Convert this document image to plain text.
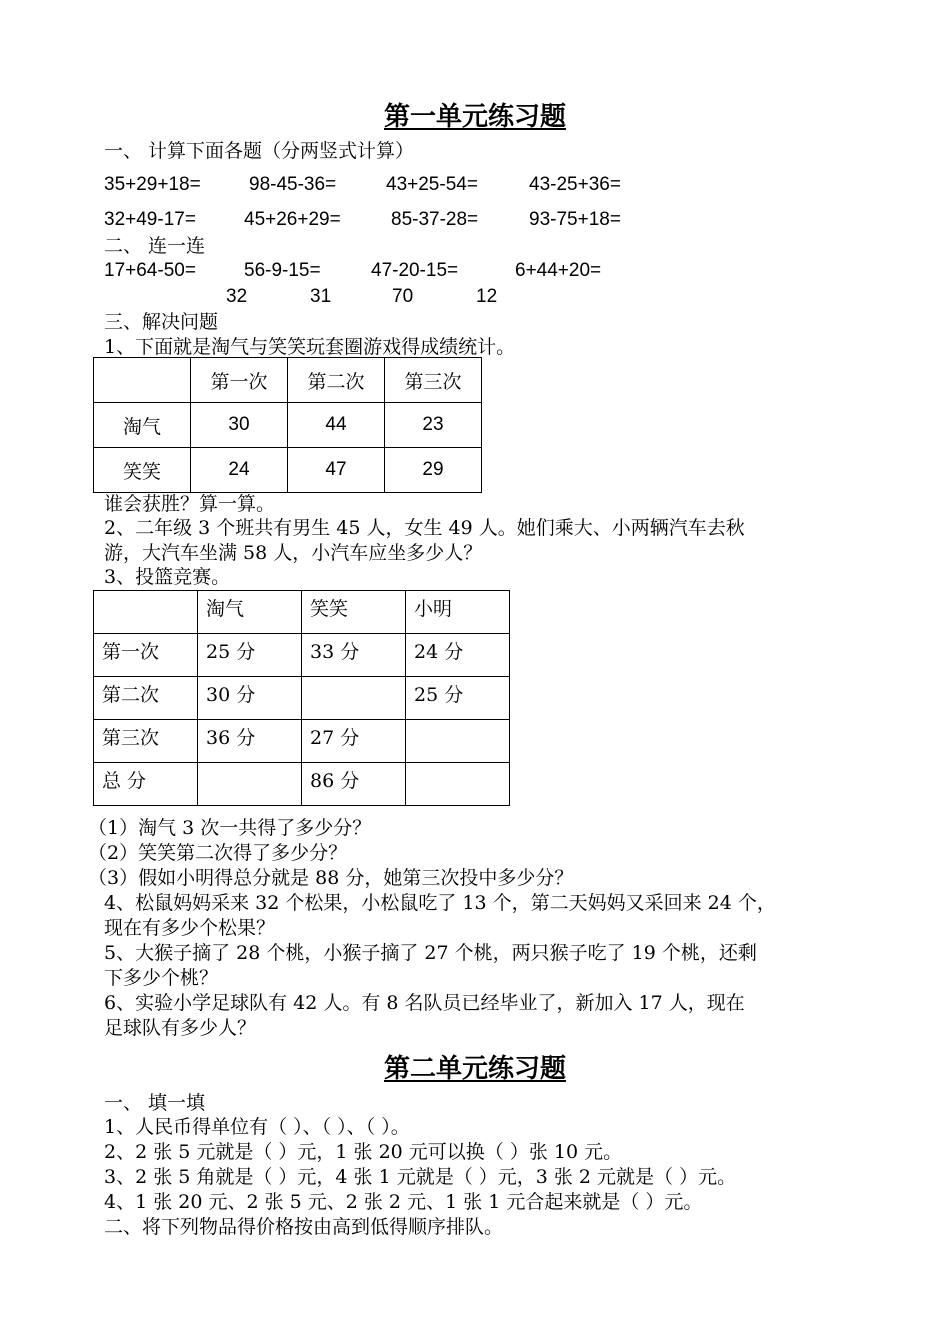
第一单元练习题
一、 计算下面各题（分两竖式计算）
35+29+18=	98-45-36=	43+25-54=	43-25+36=
32+49-17=	45+26+29=	85-37-28=	93-75+18=
二、 连一连
17+64-50=	56-9-15=	47-20-15=	6+44+20=
32	31	70	12
三、解决问题
1、下面就是淘气与笑笑玩套圈游戏得成绩统计。
	第一次	第二次	第三次
淘气	30	44	23
笑笑	24	47	29
谁会获胜？算一算。
2、二年级 3 个班共有男生 45 人，女生 49 人。她们乘大、小两辆汽车去秋
游，大汽车坐满 58 人，小汽车应坐多少人？
3、投篮竞赛。
	淘气	笑笑	小明
第一次	25 分	33 分	24 分
第二次	30 分		25 分
第三次	36 分	27 分	
总 分		86 分	
（1）淘气 3 次一共得了多少分？
（2）笑笑第二次得了多少分？
（3）假如小明得总分就是 88 分，她第三次投中多少分？
4、松鼠妈妈采来 32 个松果，小松鼠吃了 13 个，第二天妈妈又采回来 24 个，
现在有多少个松果？
5、大猴子摘了 28 个桃，小猴子摘了 27 个桃，两只猴子吃了 19 个桃，还剩
下多少个桃？
6、实验小学足球队有 42 人。有 8 名队员已经毕业了，新加入 17 人，现在
足球队有多少人？
第二单元练习题
一、 填一填
1、人民币得单位有（ ）、（ ）、（ ）。
2、2 张 5 元就是（ ）元，1 张 20 元可以换（ ）张 10 元。
3、2 张 5 角就是（ ）元，4 张 1 元就是（ ）元，3 张 2 元就是（ ）元。
4、1 张 20 元、2 张 5 元、2 张 2 元、1 张 1 元合起来就是（ ）元。
二、将下列物品得价格按由高到低得顺序排队。
